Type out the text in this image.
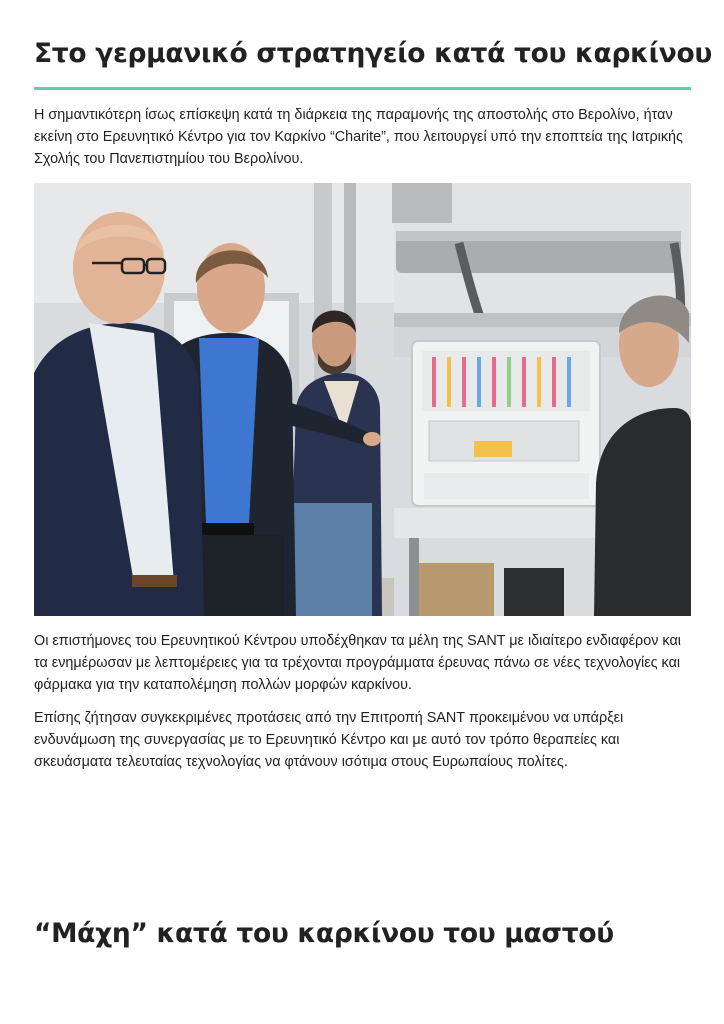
Στο γερμανικό στρατηγείο κατά του καρκίνου

Η σημαντικότερη ίσως επίσκεψη κατά τη διάρκεια της παραμονής της αποστολής στο Βερολίνο, ήταν εκείνη στο Ερευνητικό Κέντρο για τον Καρκίνο “Charite”, που λειτουργεί υπό την εποπτεία της Ιατρικής Σχολής του Πανεπιστημίου του Βερολίνου.

Οι επιστήμονες του Ερευνητικού Κέντρου υποδέχθηκαν τα μέλη της SANT με ιδιαίτερο ενδιαφέρον και τα ενημέρωσαν με λεπτομέρειες για τα τρέχονται προγράμματα έρευνας πάνω σε νέες τεχνολογίες και φάρμακα για την καταπολέμηση πολλών μορφών καρκίνου.

Επίσης ζήτησαν συγκεκριμένες προτάσεις από την Επιτροπή SANT προκειμένου να υπάρξει ενδυνάμωση της συνεργασίας με το Ερευνητικό Κέντρο και με αυτό τον τρόπο θεραπείες και σκευάσματα τελευταίας τεχνολογίας να φτάνουν ισότιμα στους Ευρωπαίους πολίτες.

“Μάχη” κατά του καρκίνου του μαστού
